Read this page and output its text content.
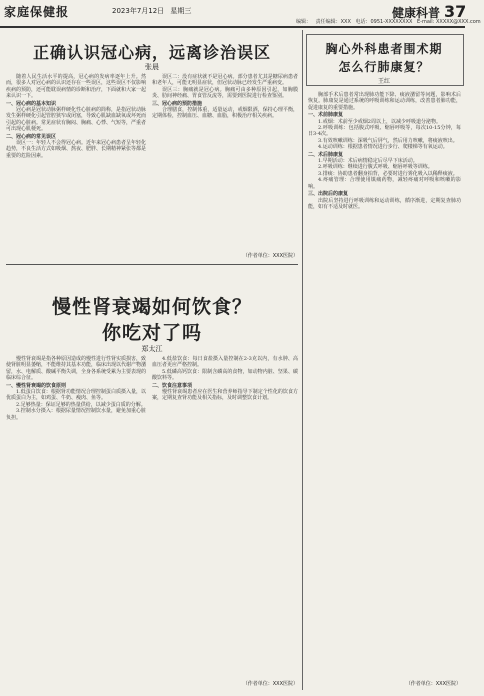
家庭保健报	2023年7月12日 星期三	健康科普 37
编辑： 责任编辑：XXX 电话：0951-XXXXXXXX E-mail: XXXXX@XXX.com
正确认识冠心病，远离诊治误区
张晨

随着人民生活水平的提高，冠心病的发病率逐年上升。然而，很多人对冠心病的认识还存在一些误区，这些误区不仅影响疾病的预防，还可能耽误病情的诊断和治疗，下面就和大家一起来认识一下。

一、冠心病的基本知识

冠心病是冠状动脉粥样硬化性心脏病的简称，是指冠状动脉发生粥样硬化引起管腔狭窄或闭塞，导致心肌缺血缺氧或坏死而引起的心脏病。常见症状有胸闷、胸痛、心悸、气短等，严重者可出现心肌梗死。

二、冠心病的常见误区

误区一：年轻人不会得冠心病。近年来冠心病患者呈年轻化趋势，不良生活方式如吸烟、熬夜、肥胖、长期精神紧张等都是重要的危险因素。

误区二：没有症状就不是冠心病。部分患者尤其是糖尿病患者和老年人，可能无明显症状，但冠状动脉已经发生严重病变。

误区三：胸痛就是冠心病。胸痛可由多种原因引起，如胸膜炎、肋间神经痛、胃食管反流等，需要到医院进行检查鉴别。

三、冠心病的预防措施

合理膳食，控制体重，适量运动，戒烟限酒，保持心理平衡，定期体检，控制血压、血糖、血脂，积极治疗相关疾病。

（作者单位：XXX医院）
慢性肾衰竭如何饮食？
你吃对了吗
郑太江

慢性肾衰竭是指各种原因造成的慢性进行性肾实质损害，致使肾脏明显萎缩，不能维持其基本功能，临床出现以代谢产物潴留，水、电解质、酸碱平衡失调，全身各系统受累为主要表现的临床综合征。

一、慢性肾衰竭的饮食原则

1.低蛋白饮食：根据肾功能情况合理控制蛋白质摄入量，以优质蛋白为主，如鸡蛋、牛奶、瘦肉、鱼等。

2.足够热量：保证足够的热量供给，以减少蛋白质的分解。

3.控制水分摄入：根据尿量情况控制饮水量，避免加重心脏负担。

4.低盐饮食：每日食盐摄入量控制在2-3克以内，有水肿、高血压者更应严格控制。

5.低磷高钙饮食：限制含磷高的食物，如动物内脏、坚果、碳酸饮料等。

二、饮食注意事项

慢性肾衰竭患者应在医生和营养师指导下制定个性化的饮食方案，定期复查肾功能及相关指标，及时调整饮食计划。

（作者单位：XXX医院）
胸心外科患者围术期
怎么行肺康复？
王红

胸部手术后患者常出现肺功能下降、痰液潴留等问题，影响术后恢复。肺康复是通过系统的呼吸训练和运动训练，改善患者肺功能，促进康复的重要措施。

一、术前肺康复

1.戒烟：术前至少戒烟2周以上，以减少呼吸道分泌物。

2.呼吸训练：包括腹式呼吸、缩唇呼吸等，每次10-15分钟，每日3-4次。

3.有效咳嗽训练：深吸气后屏气，然后用力咳嗽，将痰液咳出。

4.运动训练：根据患者情况进行步行、爬楼梯等有氧运动。

二、术后肺康复

1.早期活动：术后病情稳定后尽早下床活动。

2.呼吸训练：继续进行腹式呼吸、缩唇呼吸等训练。

3.排痰：协助患者翻身拍背，必要时进行雾化吸入以稀释痰液。

4.疼痛管理：合理使用镇痛药物，减轻疼痛对呼吸和咳嗽的影响。

三、出院后的康复

出院后坚持进行呼吸训练和运动训练，循序渐进，定期复查肺功能，如有不适及时就医。

（作者单位：XXX医院）
